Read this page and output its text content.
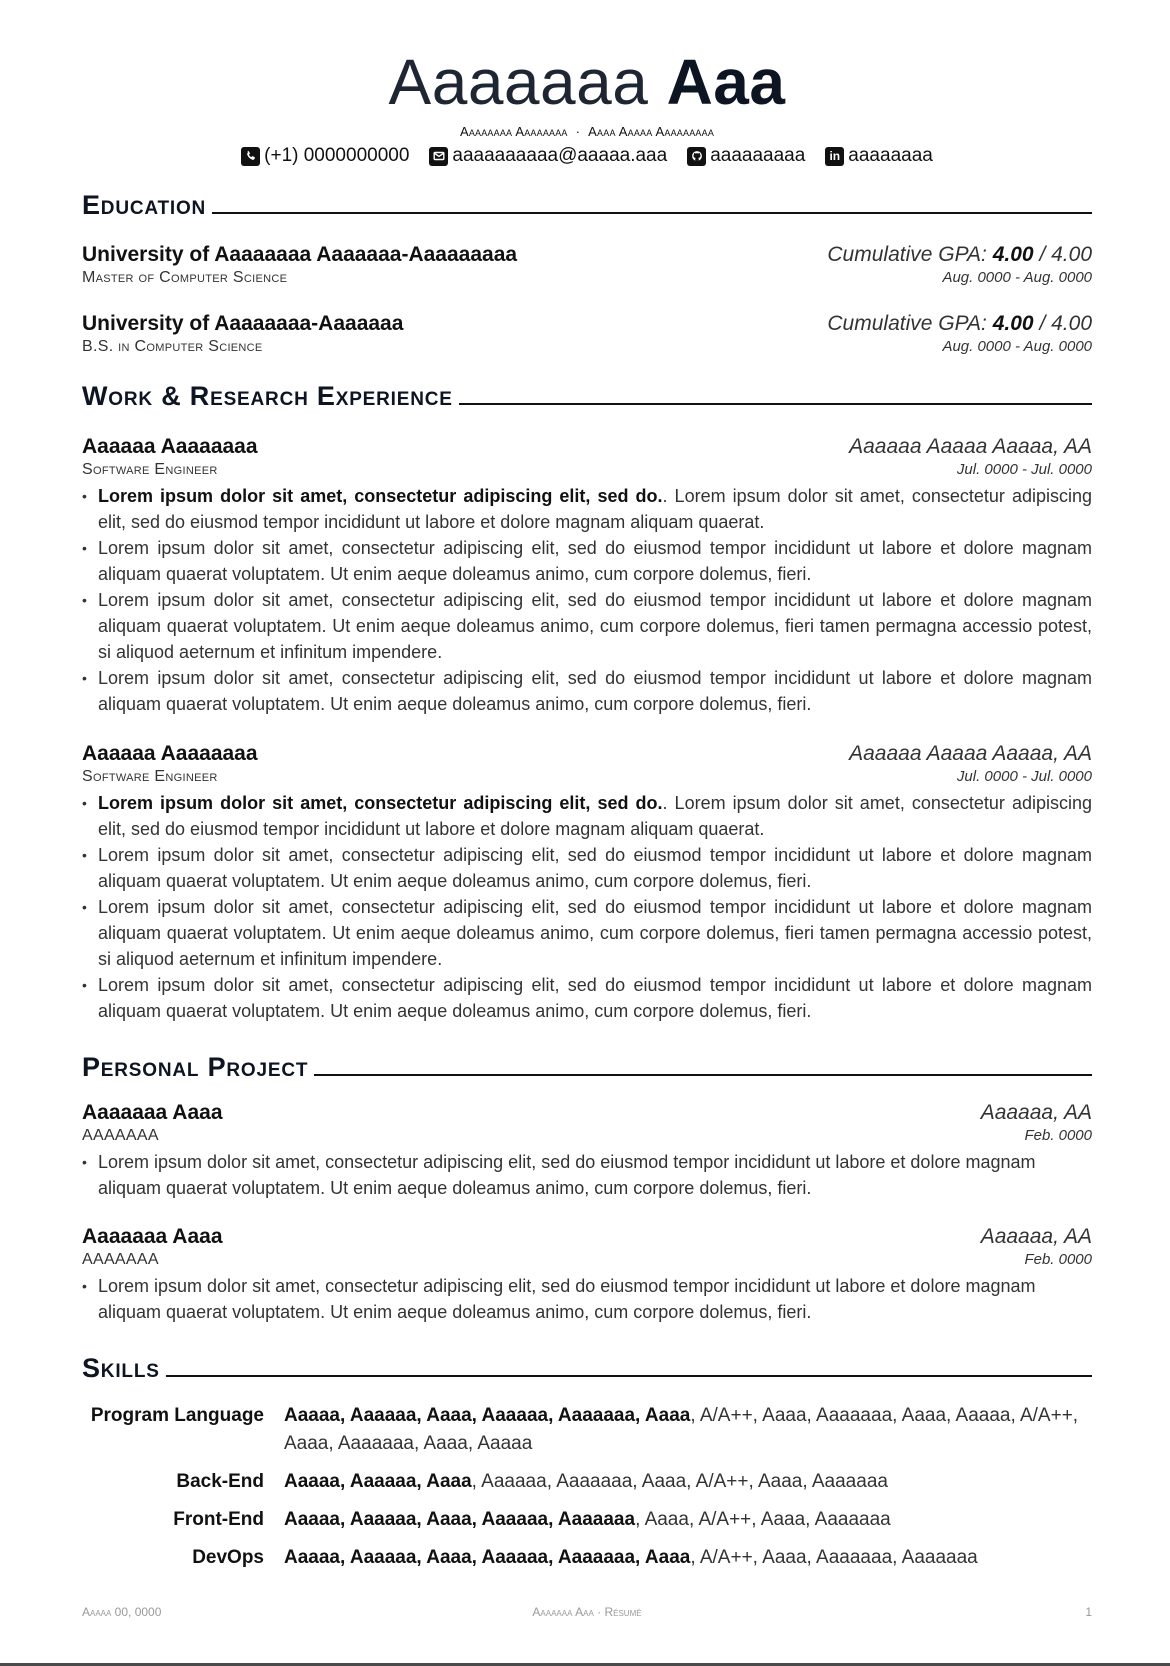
Aaaaaaa Aaa
Aaaaaaaa Aaaaaaaa · Aaaa Aaaaa Aaaaaaaaa
(+1) 0000000000 aaaaaaaaaa@aaaaa.aaa aaaaaaaaa	in aaaaaaaa
Education
University of Aaaaaaaa Aaaaaaa-Aaaaaaaaa	Cumulative GPA: 4.00 / 4.00
Master of Computer Science	Aug. 0000 - Aug. 0000
University of Aaaaaaaa-Aaaaaaa	Cumulative GPA: 4.00 / 4.00
B.S. in Computer Science	Aug. 0000 - Aug. 0000
Work & Research Experience
Aaaaaa Aaaaaaaa	Aaaaaa Aaaaa Aaaaa, AA
Software Engineer	Jul. 0000 - Jul. 0000
• Lorem ipsum dolor sit amet, consectetur adipiscing elit, sed do.. Lorem ipsum dolor sit amet, consectetur adipiscing elit, sed do eiusmod tempor incididunt ut labore et dolore magnam aliquam quaerat.
• Lorem ipsum dolor sit amet, consectetur adipiscing elit, sed do eiusmod tempor incididunt ut labore et dolore magnam aliquam quaerat voluptatem. Ut enim aeque doleamus animo, cum corpore dolemus, fieri.
• Lorem ipsum dolor sit amet, consectetur adipiscing elit, sed do eiusmod tempor incididunt ut labore et dolore magnam aliquam quaerat voluptatem. Ut enim aeque doleamus animo, cum corpore dolemus, fieri tamen permagna accessio potest, si aliquod aeternum et infinitum impendere.
• Lorem ipsum dolor sit amet, consectetur adipiscing elit, sed do eiusmod tempor incididunt ut labore et dolore magnam aliquam quaerat voluptatem. Ut enim aeque doleamus animo, cum corpore dolemus, fieri.
Aaaaaa Aaaaaaaa	Aaaaaa Aaaaa Aaaaa, AA
Software Engineer	Jul. 0000 - Jul. 0000
• Lorem ipsum dolor sit amet, consectetur adipiscing elit, sed do.. Lorem ipsum dolor sit amet, consectetur adipiscing elit, sed do eiusmod tempor incididunt ut labore et dolore magnam aliquam quaerat.
• Lorem ipsum dolor sit amet, consectetur adipiscing elit, sed do eiusmod tempor incididunt ut labore et dolore magnam aliquam quaerat voluptatem. Ut enim aeque doleamus animo, cum corpore dolemus, fieri.
• Lorem ipsum dolor sit amet, consectetur adipiscing elit, sed do eiusmod tempor incididunt ut labore et dolore magnam aliquam quaerat voluptatem. Ut enim aeque doleamus animo, cum corpore dolemus, fieri tamen permagna accessio potest, si aliquod aeternum et infinitum impendere.
• Lorem ipsum dolor sit amet, consectetur adipiscing elit, sed do eiusmod tempor incididunt ut labore et dolore magnam aliquam quaerat voluptatem. Ut enim aeque doleamus animo, cum corpore dolemus, fieri.
Personal Project
Aaaaaaa Aaaa	Aaaaaa, AA
AAAAAAA	Feb. 0000
• Lorem ipsum dolor sit amet, consectetur adipiscing elit, sed do eiusmod tempor incididunt ut labore et dolore magnam aliquam quaerat voluptatem. Ut enim aeque doleamus animo, cum corpore dolemus, fieri.
Aaaaaaa Aaaa	Aaaaaa, AA
AAAAAAA	Feb. 0000
• Lorem ipsum dolor sit amet, consectetur adipiscing elit, sed do eiusmod tempor incididunt ut labore et dolore magnam aliquam quaerat voluptatem. Ut enim aeque doleamus animo, cum corpore dolemus, fieri.
Skills
Program Language Aaaaa, Aaaaaa, Aaaa, Aaaaaa, Aaaaaaa, Aaaa, A/A++, Aaaa, Aaaaaaa, Aaaa, Aaaaa, A/A++, Aaaa, Aaaaaaa, Aaaa, Aaaaa
Back-End Aaaaa, Aaaaaa, Aaaa, Aaaaaa, Aaaaaaa, Aaaa, A/A++, Aaaa, Aaaaaaa
Front-End Aaaaa, Aaaaaa, Aaaa, Aaaaaa, Aaaaaaa, Aaaa, A/A++, Aaaa, Aaaaaaa
DevOps Aaaaa, Aaaaaa, Aaaa, Aaaaaa, Aaaaaaa, Aaaa, A/A++, Aaaa, Aaaaaaa, Aaaaaaa
Aaaaa 00, 0000	Aaaaaaa Aaa · Résumé	1
